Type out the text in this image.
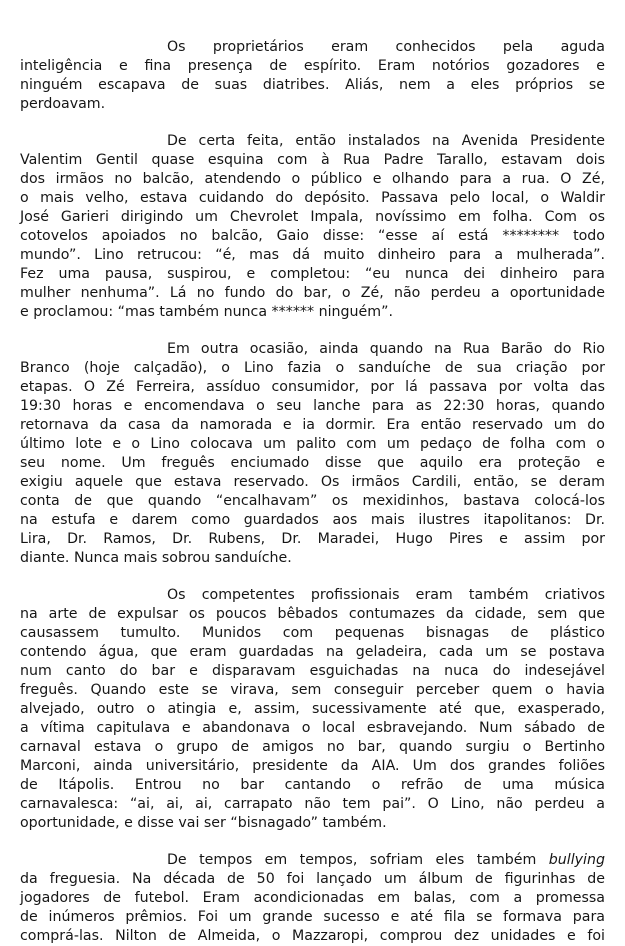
Os proprietários eram conhecidos pela aguda
inteligência e fina presença de espírito. Eram notórios gozadores e
ninguém escapava de suas diatribes. Aliás, nem a eles próprios se
perdoavam.
De certa feita, então instalados na Avenida Presidente
Valentim Gentil quase esquina com à Rua Padre Tarallo, estavam dois
dos irmãos no balcão, atendendo o público e olhando para a rua. O Zé,
o mais velho, estava cuidando do depósito. Passava pelo local, o Waldir
José Garieri dirigindo um Chevrolet Impala, novíssimo em folha. Com os
cotovelos apoiados no balcão, Gaio disse: “esse aí está ******** todo
mundo”. Lino retrucou: “é, mas dá muito dinheiro para a mulherada”.
Fez uma pausa, suspirou, e completou: “eu nunca dei dinheiro para
mulher nenhuma”. Lá no fundo do bar, o Zé, não perdeu a oportunidade
e proclamou: “mas também nunca ****** ninguém”.
Em outra ocasião, ainda quando na Rua Barão do Rio
Branco (hoje calçadão), o Lino fazia o sanduíche de sua criação por
etapas. O Zé Ferreira, assíduo consumidor, por lá passava por volta das
19:30 horas e encomendava o seu lanche para as 22:30 horas, quando
retornava da casa da namorada e ia dormir. Era então reservado um do
último lote e o Lino colocava um palito com um pedaço de folha com o
seu nome. Um freguês enciumado disse que aquilo era proteção e
exigiu aquele que estava reservado. Os irmãos Cardili, então, se deram
conta de que quando “encalhavam” os mexidinhos, bastava colocá-los
na estufa e darem como guardados aos mais ilustres itapolitanos: Dr.
Lira, Dr. Ramos, Dr. Rubens, Dr. Maradei, Hugo Pires e assim por
diante. Nunca mais sobrou sanduíche.
Os competentes profissionais eram também criativos
na arte de expulsar os poucos bêbados contumazes da cidade, sem que
causassem tumulto. Munidos com pequenas bisnagas de plástico
contendo água, que eram guardadas na geladeira, cada um se postava
num canto do bar e disparavam esguichadas na nuca do indesejável
freguês. Quando este se virava, sem conseguir perceber quem o havia
alvejado, outro o atingia e, assim, sucessivamente até que, exasperado,
a vítima capitulava e abandonava o local esbravejando. Num sábado de
carnaval estava o grupo de amigos no bar, quando surgiu o Bertinho
Marconi, ainda universitário, presidente da AIA. Um dos grandes foliões
de Itápolis. Entrou no bar cantando o refrão de uma música
carnavalesca: “ai, ai, ai, carrapato não tem pai”. O Lino, não perdeu a
oportunidade, e disse vai ser “bisnagado” também.
De tempos em tempos, sofriam eles também bullying
da freguesia. Na década de 50 foi lançado um álbum de figurinhas de
jogadores de futebol. Eram acondicionadas em balas, com a promessa
de inúmeros prêmios. Foi um grande sucesso e até fila se formava para
comprá-las. Nilton de Almeida, o Mazzaropi, comprou dez unidades e foi
